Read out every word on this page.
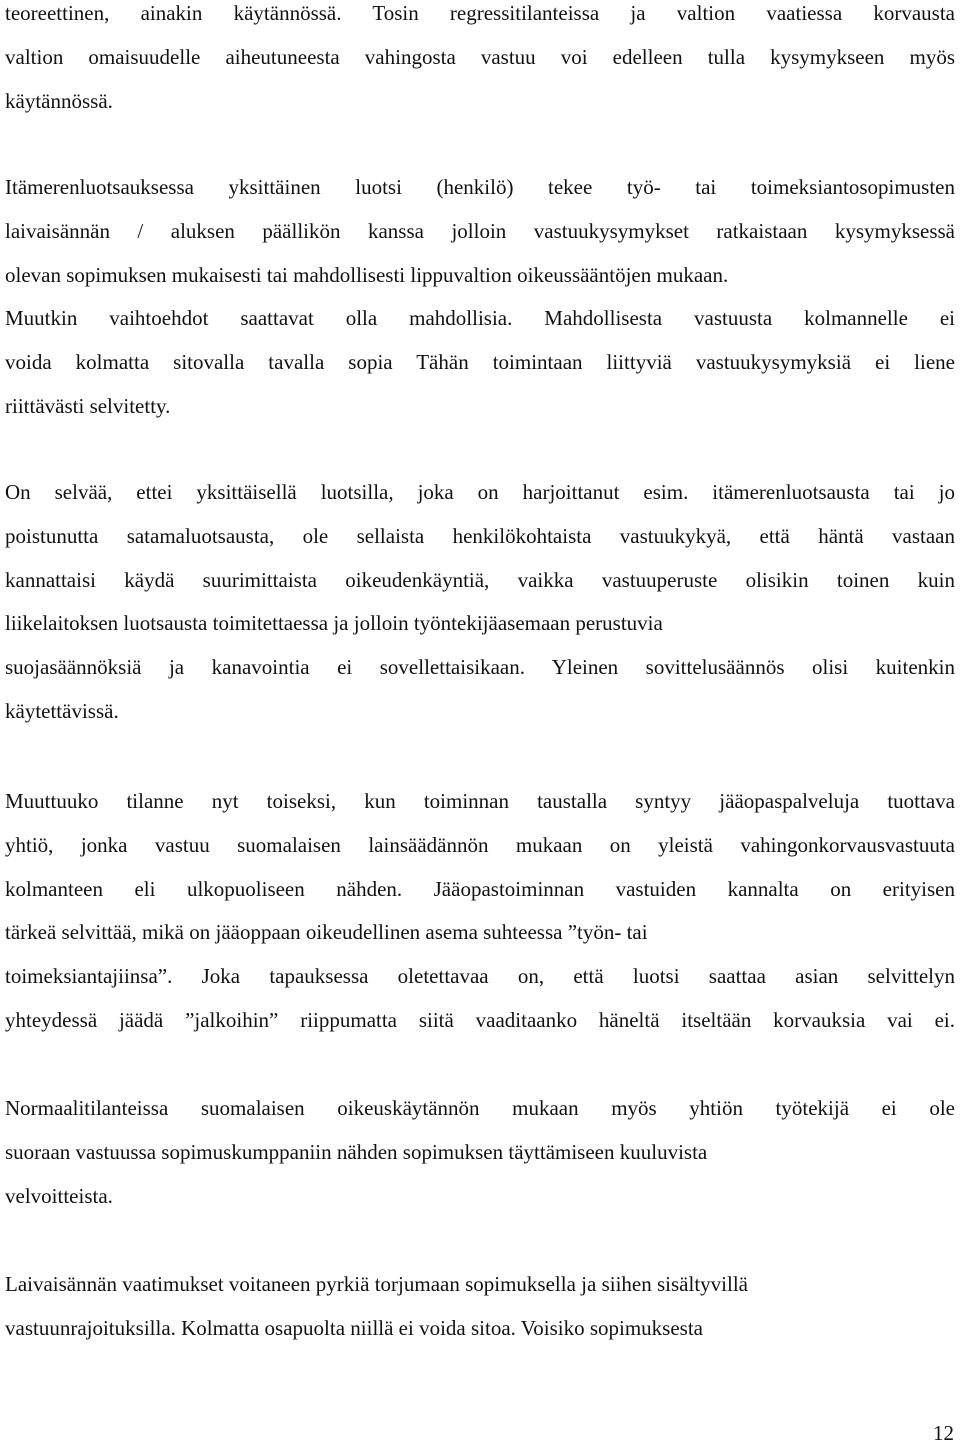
teoreettinen, ainakin käytännössä. Tosin regressitilanteissa ja valtion vaatiessa korvausta
valtion omaisuudelle aiheutuneesta vahingosta vastuu voi edelleen tulla kysymykseen myös
käytännössä.
Itämerenluotsauksessa yksittäinen luotsi (henkilö) tekee työ- tai toimeksiantosopimusten
laivaisännän / aluksen päällikön kanssa jolloin vastuukysymykset ratkaistaan kysymyksessä
olevan sopimuksen mukaisesti tai mahdollisesti lippuvaltion oikeussääntöjen mukaan.
Muutkin vaihtoehdot saattavat olla mahdollisia. Mahdollisesta vastuusta kolmannelle ei
voida kolmatta sitovalla tavalla sopia Tähän toimintaan liittyviä vastuukysymyksiä ei liene
riittävästi selvitetty.
On selvää, ettei yksittäisellä luotsilla, joka on harjoittanut esim. itämerenluotsausta tai jo
poistunutta satamaluotsausta, ole sellaista henkilökohtaista vastuukykyä, että häntä vastaan
kannattaisi käydä suurimittaista oikeudenkäyntiä, vaikka vastuuperuste olisikin toinen kuin
liikelaitoksen luotsausta toimitettaessa ja jolloin työntekijäasemaan perustuvia
suojasäännöksiä ja kanavointia ei sovellettaisikaan. Yleinen sovittelusäännös olisi kuitenkin
käytettävissä.
Muuttuuko tilanne nyt toiseksi, kun toiminnan taustalla syntyy jääopaspalveluja tuottava
yhtiö, jonka vastuu suomalaisen lainsäädännön mukaan on yleistä vahingonkorvausvastuuta
kolmanteen eli ulkopuoliseen nähden. Jääopastoiminnan vastuiden kannalta on erityisen
tärkeä selvittää, mikä on jääoppaan oikeudellinen asema suhteessa ”työn- tai
toimeksiantajiinsa”. Joka tapauksessa oletettavaa on, että luotsi saattaa asian selvittelyn
yhteydessä jäädä ”jalkoihin” riippumatta siitä vaaditaanko häneltä itseltään korvauksia vai ei.
Normaalitilanteissa suomalaisen oikeuskäytännön mukaan myös yhtiön työtekijä ei ole
suoraan vastuussa sopimuskumppaniin nähden sopimuksen täyttämiseen kuuluvista
velvoitteista.
Laivaisännän vaatimukset voitaneen pyrkiä torjumaan sopimuksella ja siihen sisältyvillä
vastuunrajoituksilla. Kolmatta osapuolta niillä ei voida sitoa. Voisiko sopimuksesta
12
